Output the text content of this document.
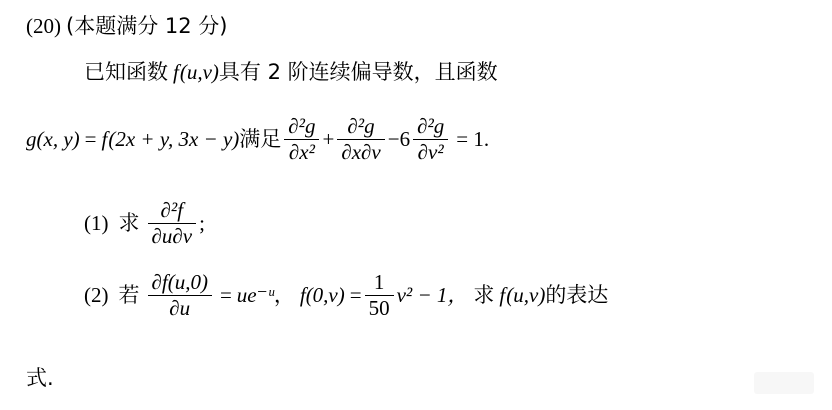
(20) (本题满分 12 分)
已知函数 f(u,v)具有 2 阶连续偏导数，且函数
g(x, y) = f(2x + y, 3x − y)满足 $\frac{\text{∂²g}}{\text{∂x²}} + \frac{\text{∂²g}}{\partial x\partial v} -6 \frac{\text{∂²g}}{\text{∂v²}} = 1$.
(1) 求 $\frac{\text{∂²f}}{\partial u\partial v}$ ;
(2) 若 $\frac{\partial f(u,0)}{\partial u}$ = ue⁻ᵘ， $f(0,v) = \frac{1}{50} v^2 - 1$， 求 f(u,v)的表达
式.
